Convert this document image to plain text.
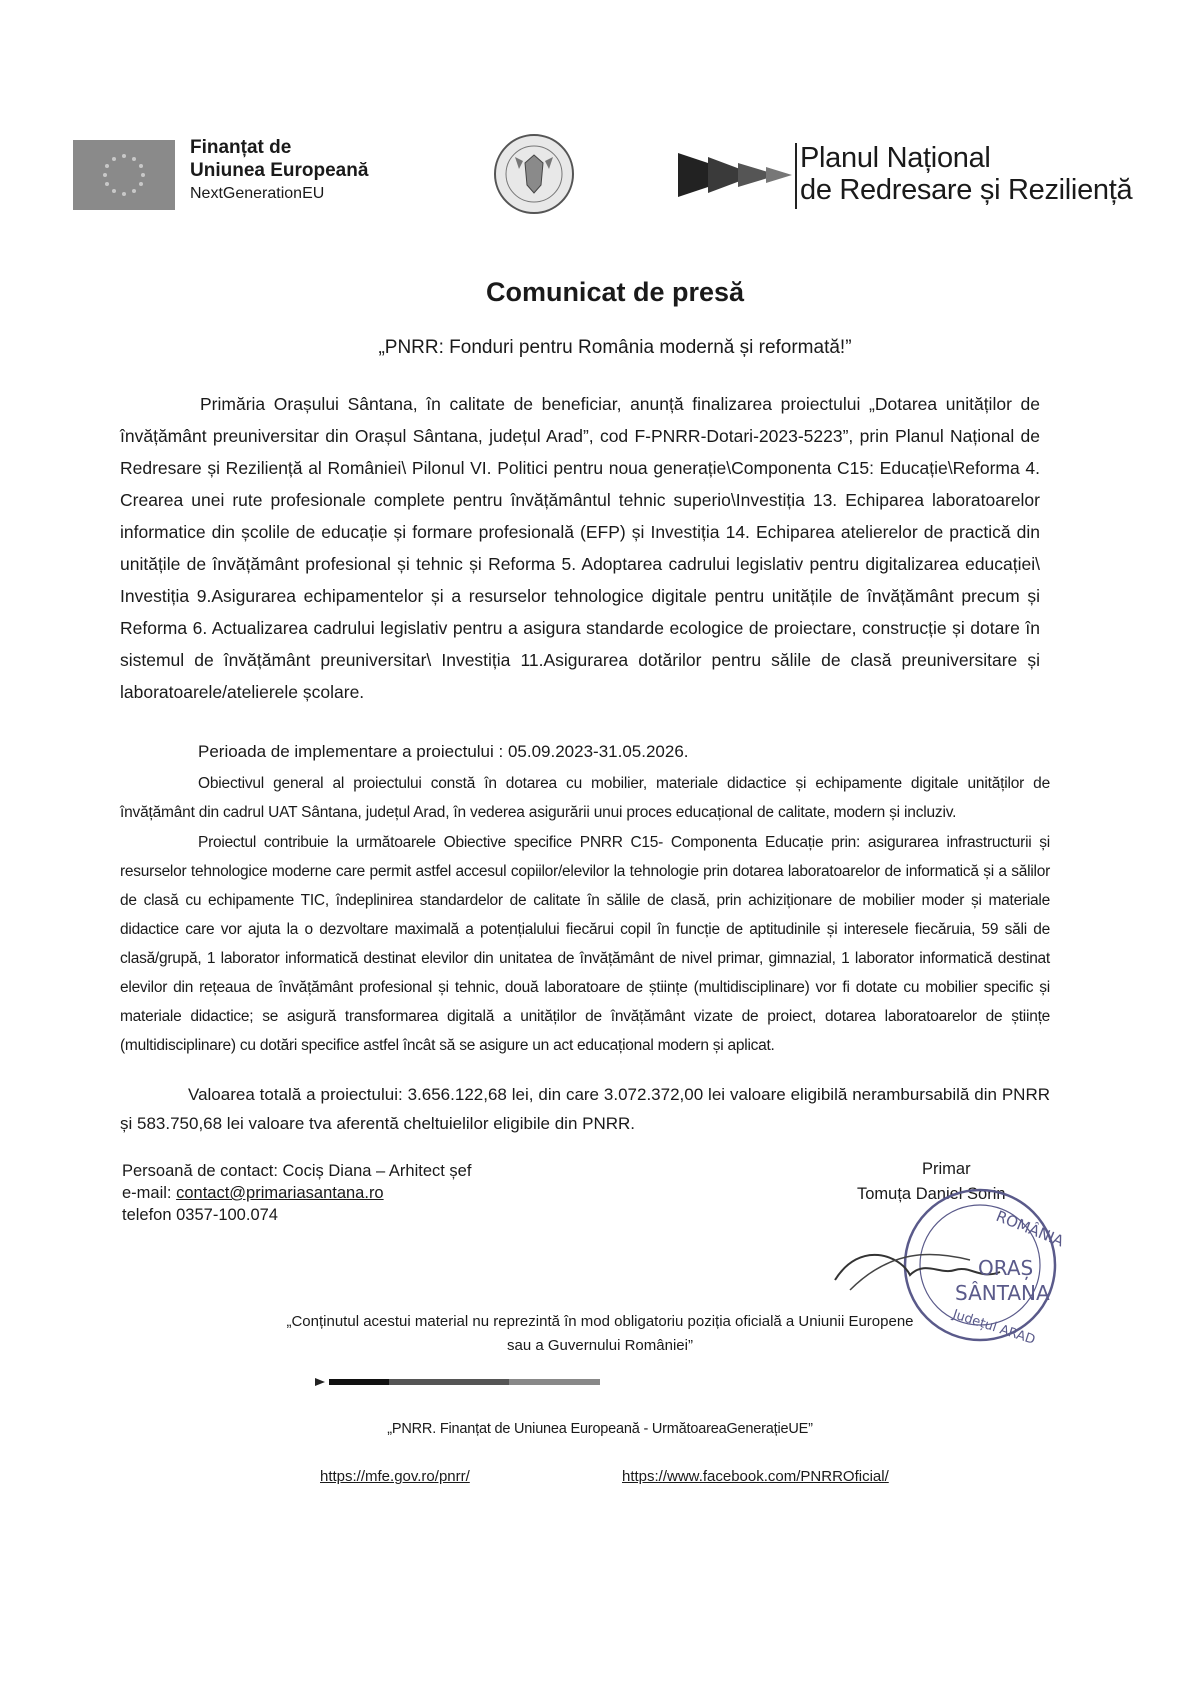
Finanțat de
Uniunea Europeană
NextGenerationEU
Planul Național
de Redresare și Reziliență
Comunicat de presă
„PNRR: Fonduri pentru România modernă și reformată!”
Primăria Orașului Sântana, în calitate de beneficiar, anunță finalizarea proiectului „Dotarea unităților de învățământ preuniversitar din Orașul Sântana, județul Arad”, cod F-PNRR-Dotari-2023-5223”, prin Planul Național de Redresare și Reziliență al României\ Pilonul VI. Politici pentru noua generație\Componenta C15: Educație\Reforma 4. Crearea unei rute profesionale complete pentru învățământul tehnic superio\Investiția 13. Echiparea laboratoarelor informatice din școlile de educație și formare profesională (EFP) și Investiția 14. Echiparea atelierelor de practică din unitățile de învățământ profesional și tehnic și Reforma 5. Adoptarea cadrului legislativ pentru digitalizarea educației\ Investiția 9.Asigurarea echipamentelor și a resurselor tehnologice digitale pentru unitățile de învățământ precum și Reforma 6. Actualizarea cadrului legislativ pentru a asigura standarde ecologice de proiectare, construcție și dotare în sistemul de învățământ preuniversitar\ Investiția 11.Asigurarea dotărilor pentru sălile de clasă preuniversitare și laboratoarele/atelierele școlare.
Perioada de implementare a proiectului : 05.09.2023-31.05.2026.
Obiectivul general al proiectului constă în dotarea cu mobilier, materiale didactice și echipamente digitale unităților de învățământ din cadrul UAT Sântana, județul Arad, în vederea asigurării unui proces educațional de calitate, modern și incluziv.
Proiectul contribuie la următoarele Obiective specifice PNRR C15- Componenta Educație prin: asigurarea infrastructurii și resurselor tehnologice moderne care permit astfel accesul copiilor/elevilor la tehnologie prin dotarea laboratoarelor de informatică și a sălilor de clasă cu echipamente TIC, îndeplinirea standardelor de calitate în sălile de clasă, prin achiziționare de mobilier moder și materiale didactice care vor ajuta la o dezvoltare maximală a potențialului fiecărui copil în funcție de aptitudinile și interesele fiecăruia, 59 săli de clasă/grupă, 1 laborator informatică destinat elevilor din unitatea de învățământ de nivel primar, gimnazial, 1 laborator informatică destinat elevilor din rețeaua de învățământ profesional și tehnic, două laboratoare de științe (multidisciplinare) vor fi dotate cu mobilier specific și materiale didactice; se asigură transformarea digitală a unităților de învățământ vizate de proiect, dotarea laboratoarelor de științe (multidisciplinare) cu dotări specifice astfel încât să se asigure un act educațional modern și aplicat.
Valoarea totală a proiectului: 3.656.122,68 lei, din care 3.072.372,00 lei valoare eligibilă nerambursabilă din PNRR și 583.750,68 lei valoare tva aferentă cheltuielilor eligibile din PNRR.
Persoană de contact: Cociș Diana – Arhitect șef
e-mail: contact@primariasantana.ro
telefon 0357-100.074
Primar
Tomuța Daniel Sorin
ROMÂNIA
ORAȘ
SÂNTANA
Județul ARAD
„Conținutul acestui material nu reprezintă în mod obligatoriu poziția oficială a Uniunii Europene
sau a Guvernului României”
„PNRR. Finanțat de Uniunea Europeană - UrmătoareaGenerațieUE”
https://mfe.gov.ro/pnrr/	https://www.facebook.com/PNRROficial/
